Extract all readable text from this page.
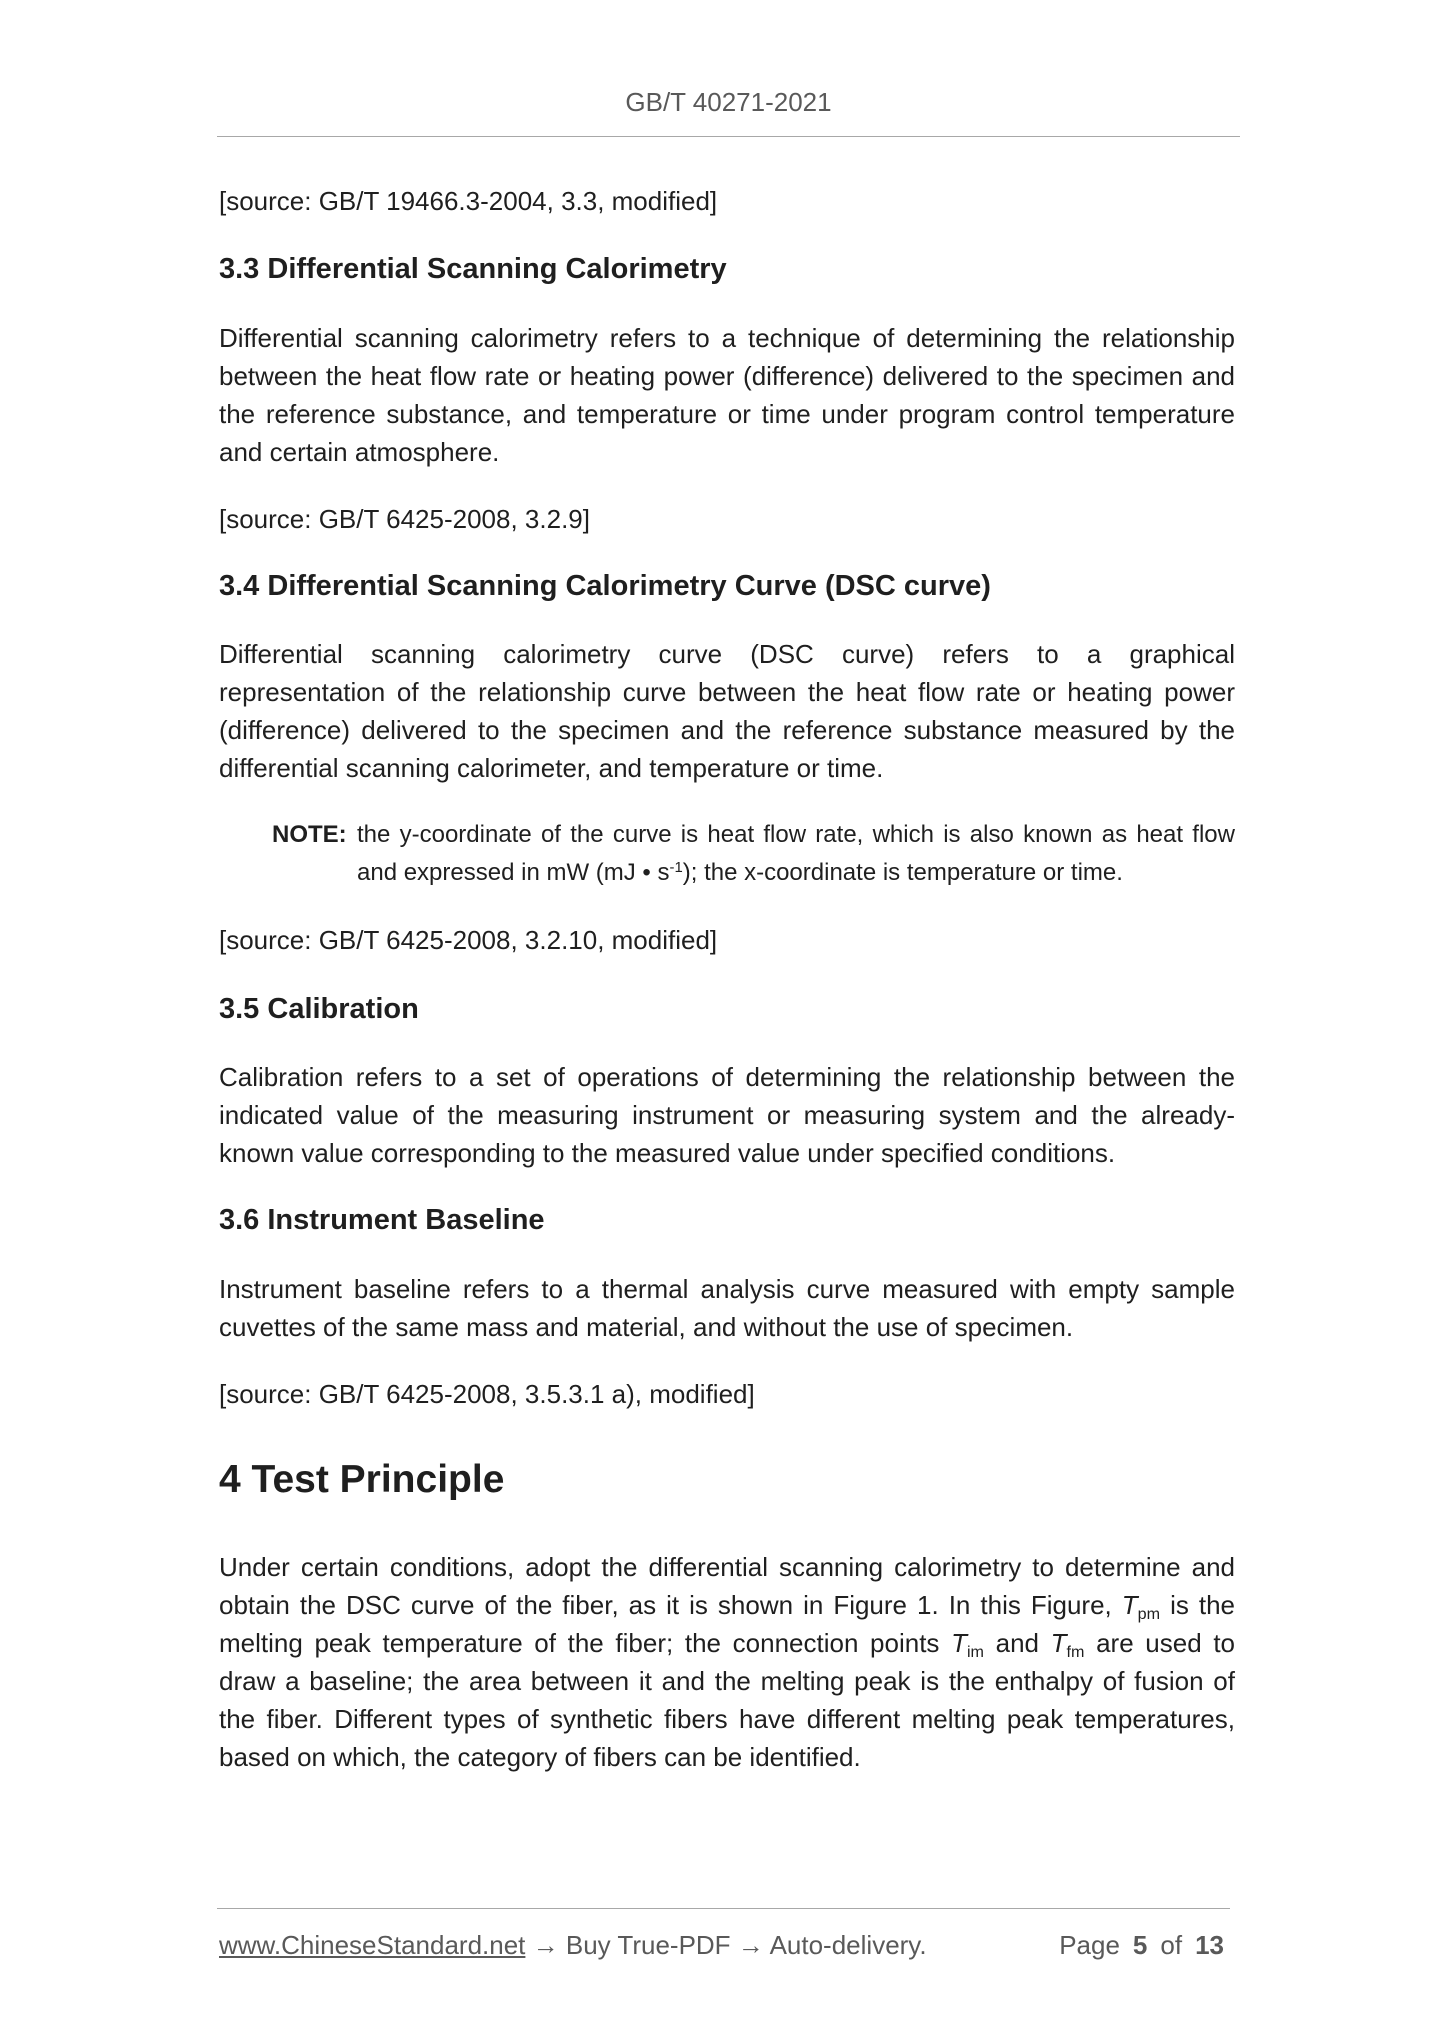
GB/T 40271-2021
[source: GB/T 19466.3-2004, 3.3, modified]
3.3 Differential Scanning Calorimetry
Differential scanning calorimetry refers to a technique of determining the relationship
between the heat flow rate or heating power (difference) delivered to the specimen and
the reference substance, and temperature or time under program control temperature
and certain atmosphere.
[source: GB/T 6425-2008, 3.2.9]
3.4 Differential Scanning Calorimetry Curve (DSC curve)
Differential scanning calorimetry curve (DSC curve) refers to a graphical
representation of the relationship curve between the heat flow rate or heating power
(difference) delivered to the specimen and the reference substance measured by the
differential scanning calorimeter, and temperature or time.
NOTE: the y-coordinate of the curve is heat flow rate, which is also known as heat flow
and expressed in mW (mJ • $s^{-1}$); the x-coordinate is temperature or time.
[source: GB/T 6425-2008, 3.2.10, modified]
3.5 Calibration
Calibration refers to a set of operations of determining the relationship between the
indicated value of the measuring instrument or measuring system and the already-
known value corresponding to the measured value under specified conditions.
3.6 Instrument Baseline
Instrument baseline refers to a thermal analysis curve measured with empty sample
cuvettes of the same mass and material, and without the use of specimen.
[source: GB/T 6425-2008, 3.5.3.1 a), modified]
4 Test Principle
Under certain conditions, adopt the differential scanning calorimetry to determine and
obtain the DSC curve of the fiber, as it is shown in Figure 1. In this Figure, $T_{pm}$ is the
melting peak temperature of the fiber; the connection points $T_{im}$ and $T_{fm}$ are used to
draw a baseline; the area between it and the melting peak is the enthalpy of fusion of
the fiber. Different types of synthetic fibers have different melting peak temperatures,
based on which, the category of fibers can be identified.
www.ChineseStandard.net → Buy True-PDF → Auto-delivery.	Page 5 of 13
